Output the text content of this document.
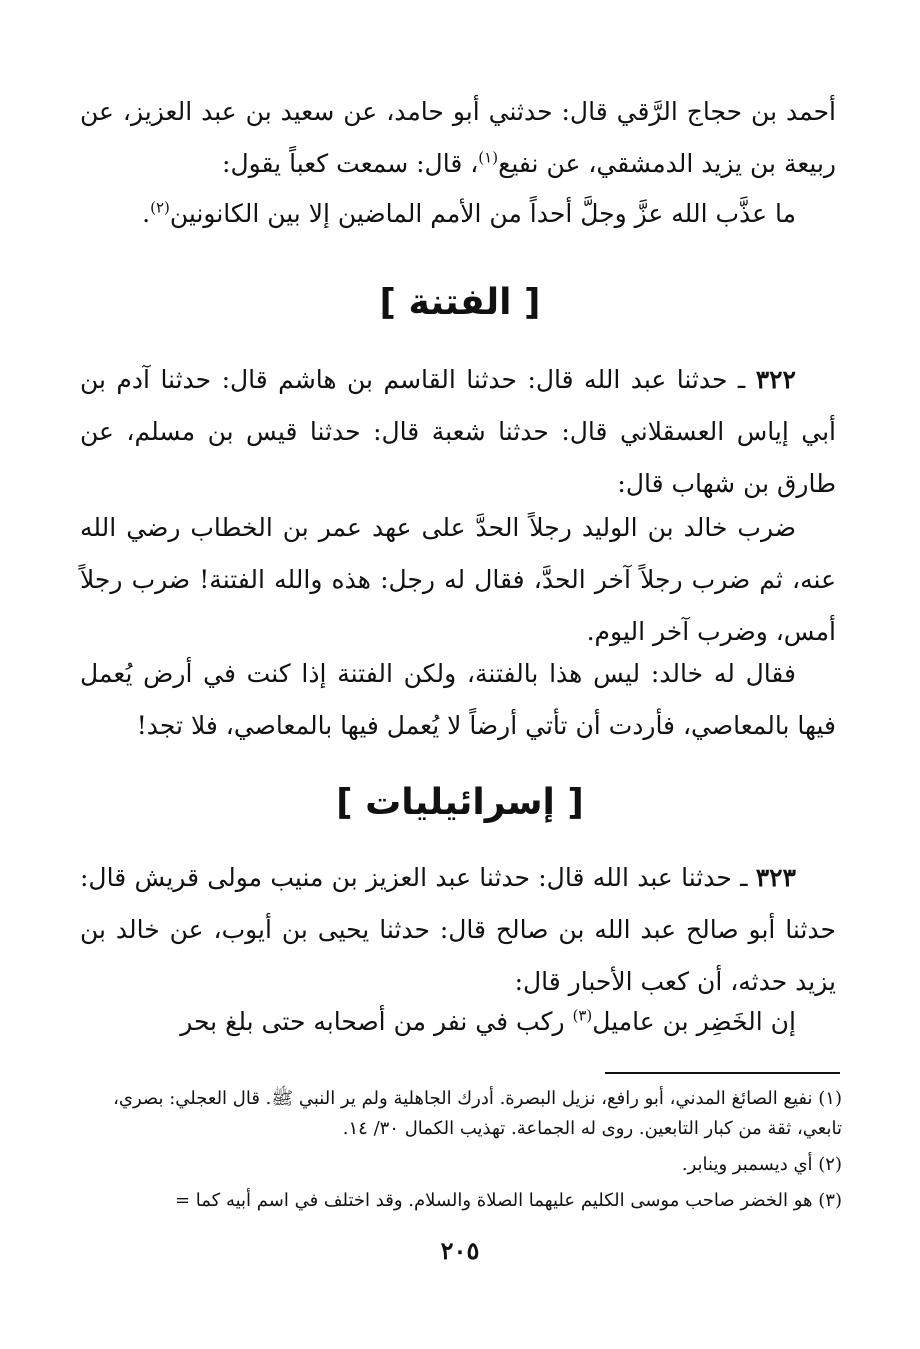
أحمد بن حجاج الرَّقي قال: حدثني أبو حامد، عن سعيد بن عبد العزيز، عن ربيعة بن يزيد الدمشقي، عن نفيع$^{(١)}$، قال: سمعت كعباً يقول:

ما عذَّب الله عزَّ وجلَّ أحداً من الأمم الماضين إلا بين الكانونين$^{(٢)}$.

[ الفتنة ]

٣٢٢ ـ حدثنا عبد الله قال: حدثنا القاسم بن هاشم قال: حدثنا آدم بن أبي إياس العسقلاني قال: حدثنا شعبة قال: حدثنا قيس بن مسلم، عن طارق بن شهاب قال:

ضرب خالد بن الوليد رجلاً الحدَّ على عهد عمر بن الخطاب رضي الله عنه، ثم ضرب رجلاً آخر الحدَّ، فقال له رجل: هذه والله الفتنة! ضرب رجلاً أمس، وضرب آخر اليوم.

فقال له خالد: ليس هذا بالفتنة، ولكن الفتنة إذا كنت في أرض يُعمل فيها بالمعاصي، فأردت أن تأتي أرضاً لا يُعمل فيها بالمعاصي، فلا تجد!

[ إسرائيليات ]

٣٢٣ ـ حدثنا عبد الله قال: حدثنا عبد العزيز بن منيب مولى قريش قال: حدثنا أبو صالح عبد الله بن صالح قال: حدثنا يحيى بن أيوب، عن خالد بن يزيد حدثه، أن كعب الأحبار قال:

إن الخَضِر بن عاميل$^{(٣)}$ ركب في نفر من أصحابه حتى بلغ بحر

(١) نفيع الصائغ المدني، أبو رافع، نزيل البصرة. أدرك الجاهلية ولم ير النبي ﷺ. قال العجلي: بصري، تابعي، ثقة من كبار التابعين. روى له الجماعة. تهذيب الكمال ٣٠/ ١٤.
(٢) أي ديسمبر وينابر.
(٣) هو الخضر صاحب موسى الكليم عليهما الصلاة والسلام. وقد اختلف في اسم أبيه كما =
٢٠٥
